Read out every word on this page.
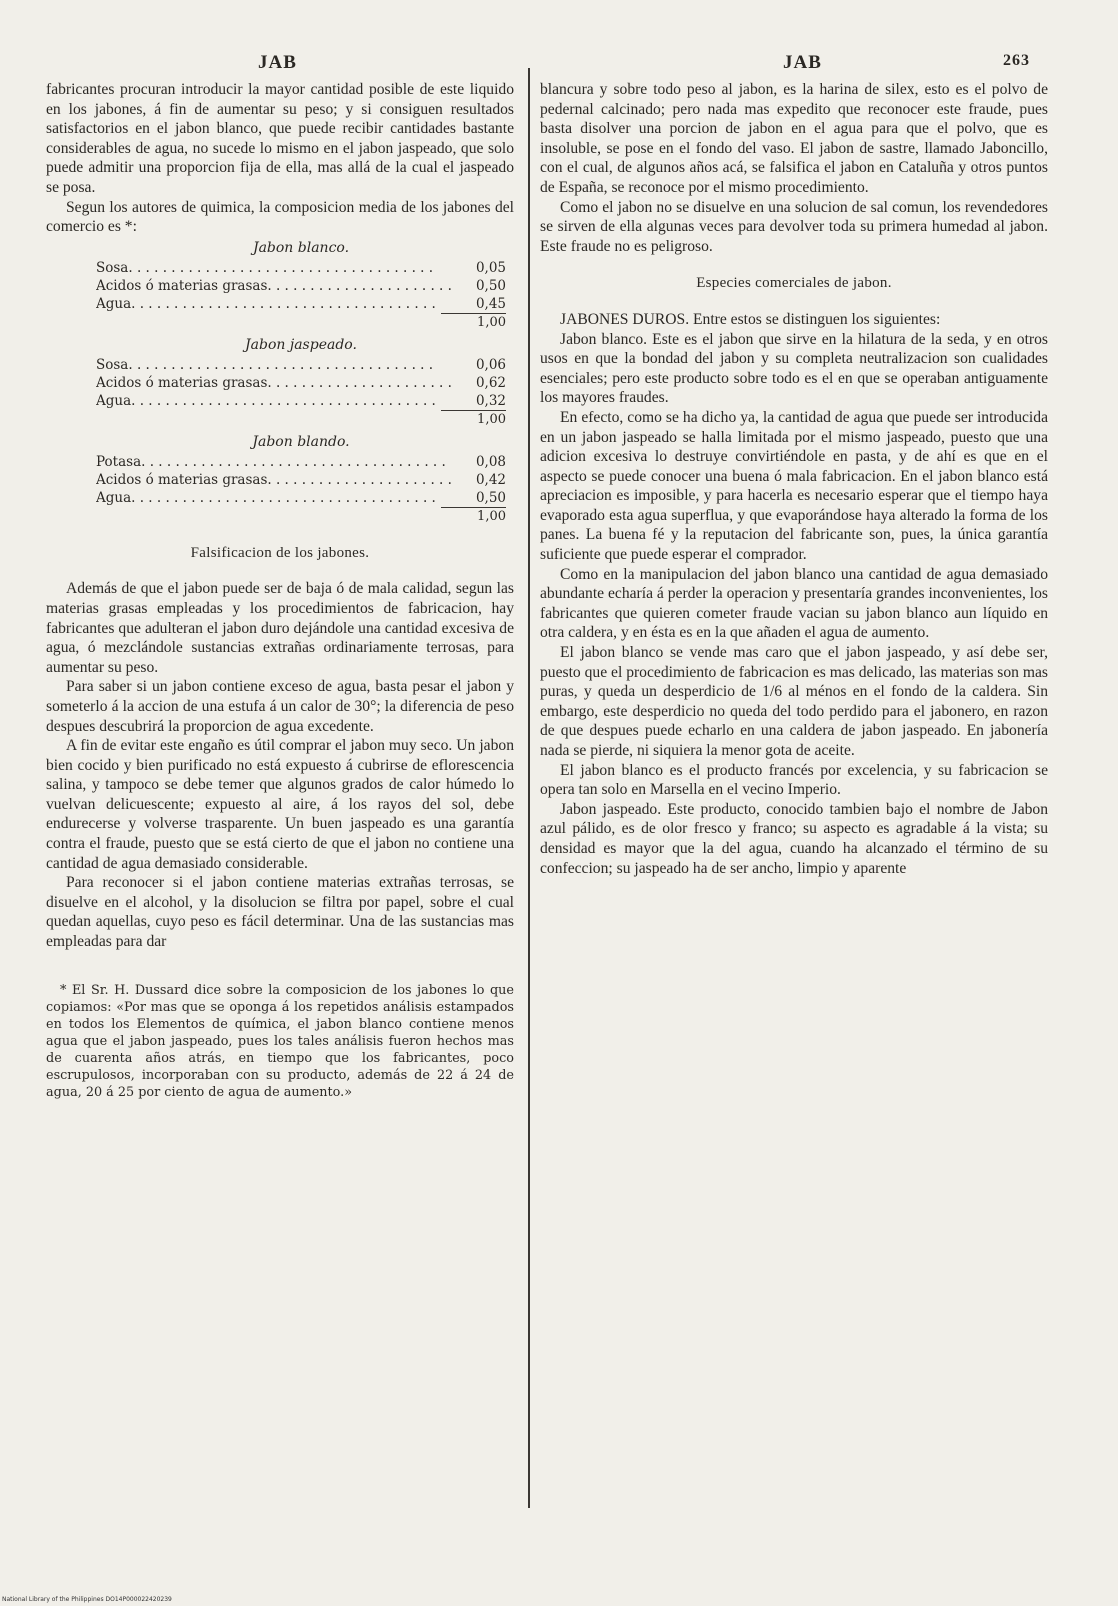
JAB	JAB	263

fabricantes procuran introducir la mayor cantidad posible de este liquido en los jabones, á fin de aumentar su peso; y si consiguen resultados satisfactorios en el jabon blanco, que puede recibir cantidades bastante considerables de agua, no sucede lo mismo en el jabon jaspeado, que solo puede admitir una proporcion fija de ella, mas allá de la cual el jaspeado se posa.

Segun los autores de quimica, la composicion media de los jabones del comercio es *:

Jabon blanco.
Sosa. . . .	0,05
Acidos ó materias grasas. . . .	0,50
Agua. . . .	0,45
1,00
Jabon jaspeado.
Sosa. . . .	0,06
Acidos ó materias grasas. . . .	0,62
Agua. . . .	0,32
1,00
Jabon blando.
Potasa. . . .	0,08
Acidos ó materias grasas. . . .	0,42
Agua. . . .	0,50
1,00
Falsificacion de los jabones.

Además de que el jabon puede ser de baja ó de mala calidad, segun las materias grasas empleadas y los procedimientos de fabricacion, hay fabricantes que adulteran el jabon duro dejándole una cantidad excesiva de agua, ó mezclándole sustancias extrañas ordinariamente terrosas, para aumentar su peso.

Para saber si un jabon contiene exceso de agua, basta pesar el jabon y someterlo á la accion de una estufa á un calor de 30°; la diferencia de peso despues descubrirá la proporcion de agua excedente.

A fin de evitar este engaño es útil comprar el jabon muy seco. Un jabon bien cocido y bien purificado no está expuesto á cubrirse de eflorescencia salina, y tampoco se debe temer que algunos grados de calor húmedo lo vuelvan delicuescente; expuesto al aire, á los rayos del sol, debe endurecerse y volverse trasparente. Un buen jaspeado es una garantía contra el fraude, puesto que se está cierto de que el jabon no contiene una cantidad de agua demasiado considerable.

Para reconocer si el jabon contiene materias extrañas terrosas, se disuelve en el alcohol, y la disolucion se filtra por papel, sobre el cual quedan aquellas, cuyo peso es fácil determinar. Una de las sustancias mas empleadas para dar

* El Sr. H. Dussard dice sobre la composicion de los jabones lo que copiamos: «Por mas que se oponga á los repetidos análisis estampados en todos los Elementos de química, el jabon blanco contiene menos agua que el jabon jaspeado, pues los tales análisis fueron hechos mas de cuarenta años atrás, en tiempo que los fabricantes, poco escrupulosos, incorporaban con su producto, además de 22 á 24 de agua, 20 á 25 por ciento de agua de aumento.»

blancura y sobre todo peso al jabon, es la harina de silex, esto es el polvo de pedernal calcinado; pero nada mas expedito que reconocer este fraude, pues basta disolver una porcion de jabon en el agua para que el polvo, que es insoluble, se pose en el fondo del vaso. El jabon de sastre, llamado Jaboncillo, con el cual, de algunos años acá, se falsifica el jabon en Cataluña y otros puntos de España, se reconoce por el mismo procedimiento.

Como el jabon no se disuelve en una solucion de sal comun, los revendedores se sirven de ella algunas veces para devolver toda su primera humedad al jabon. Este fraude no es peligroso.

Especies comerciales de jabon.

JABONES DUROS. Entre estos se distinguen los siguientes:

Jabon blanco. Este es el jabon que sirve en la hilatura de la seda, y en otros usos en que la bondad del jabon y su completa neutralizacion son cualidades esenciales; pero este producto sobre todo es el en que se operaban antiguamente los mayores fraudes.

En efecto, como se ha dicho ya, la cantidad de agua que puede ser introducida en un jabon jaspeado se halla limitada por el mismo jaspeado, puesto que una adicion excesiva lo destruye convirtiéndole en pasta, y de ahí es que en el aspecto se puede conocer una buena ó mala fabricacion. En el jabon blanco está apreciacion es imposible, y para hacerla es necesario esperar que el tiempo haya evaporado esta agua superflua, y que evaporándose haya alterado la forma de los panes. La buena fé y la reputacion del fabricante son, pues, la única garantía suficiente que puede esperar el comprador.

Como en la manipulacion del jabon blanco una cantidad de agua demasiado abundante echaría á perder la operacion y presentaría grandes inconvenientes, los fabricantes que quieren cometer fraude vacian su jabon blanco aun líquido en otra caldera, y en ésta es en la que añaden el agua de aumento.

El jabon blanco se vende mas caro que el jabon jaspeado, y así debe ser, puesto que el procedimiento de fabricacion es mas delicado, las materias son mas puras, y queda un desperdicio de 1/6 al ménos en el fondo de la caldera. Sin embargo, este desperdicio no queda del todo perdido para el jabonero, en razon de que despues puede echarlo en una caldera de jabon jaspeado. En jabonería nada se pierde, ni siquiera la menor gota de aceite.

El jabon blanco es el producto francés por excelencia, y su fabricacion se opera tan solo en Marsella en el vecino Imperio.

Jabon jaspeado. Este producto, conocido tambien bajo el nombre de Jabon azul pálido, es de olor fresco y franco; su aspecto es agradable á la vista; su densidad es mayor que la del agua, cuando ha alcanzado el término de su confeccion; su jaspeado ha de ser ancho, limpio y aparente

National Library of the Philippines DO14P000022420239
